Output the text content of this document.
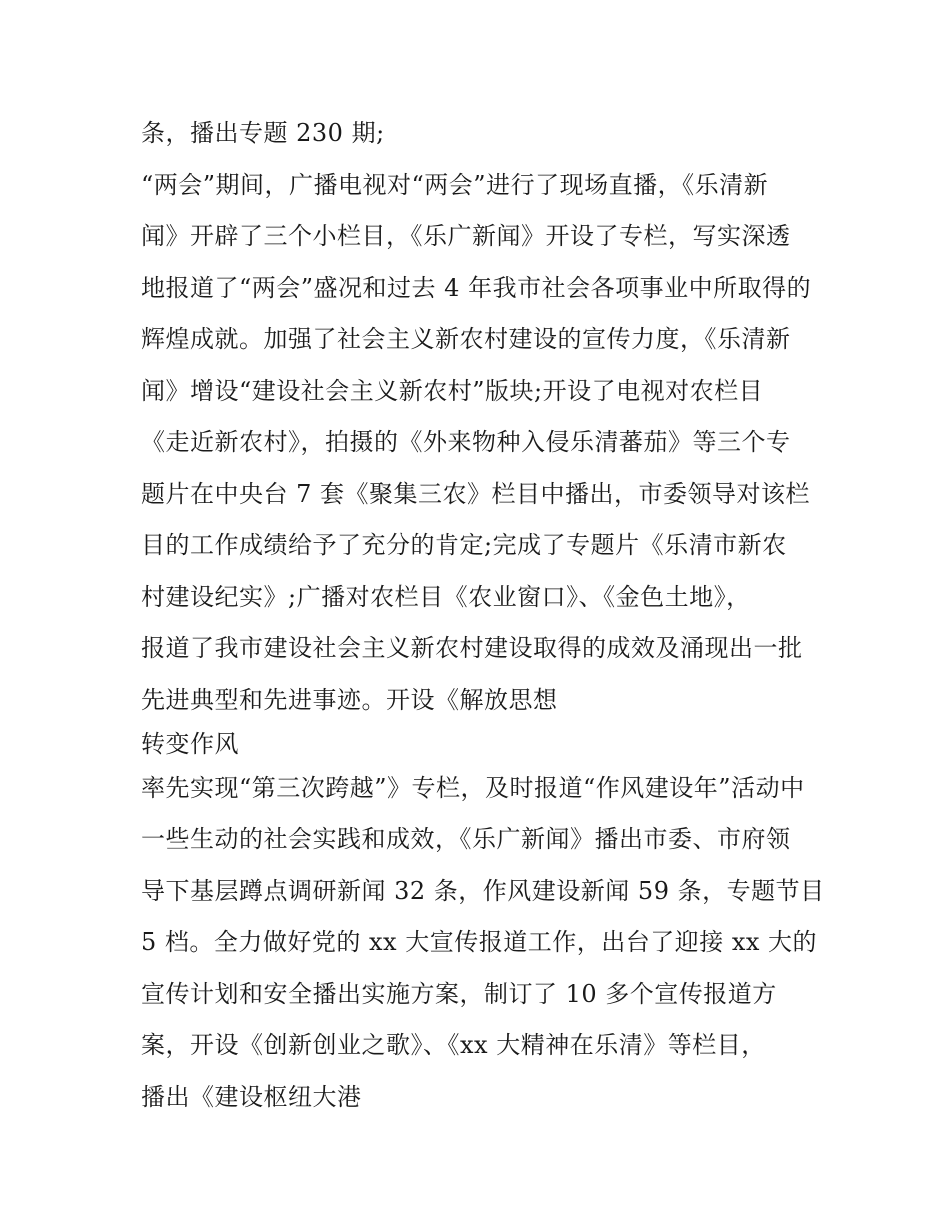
条，播出专题 230 期;
“两会”期间，广播电视对“两会”进行了现场直播，《乐清新
闻》开辟了三个小栏目，《乐广新闻》开设了专栏，写实深透
地报道了“两会”盛况和过去 4 年我市社会各项事业中所取得的
辉煌成就。加强了社会主义新农村建设的宣传力度，《乐清新
闻》增设“建设社会主义新农村”版块;开设了电视对农栏目
《走近新农村》，拍摄的《外来物种入侵乐清蕃茄》等三个专
题片在中央台 7 套《聚集三农》栏目中播出，市委领导对该栏
目的工作成绩给予了充分的肯定;完成了专题片《乐清市新农
村建设纪实》;广播对农栏目《农业窗口》、《金色土地》，
报道了我市建设社会主义新农村建设取得的成效及涌现出一批
先进典型和先进事迹。开设《解放思想
转变作风
率先实现“第三次跨越”》专栏，及时报道“作风建设年”活动中
一些生动的社会实践和成效，《乐广新闻》播出市委、市府领
导下基层蹲点调研新闻 32 条，作风建设新闻 59 条，专题节目
5 档。全力做好党的 xx 大宣传报道工作，出台了迎接 xx 大的
宣传计划和安全播出实施方案，制订了 10 多个宣传报道方
案，开设《创新创业之歌》、《xx 大精神在乐清》等栏目，
播出《建设枢纽大港
